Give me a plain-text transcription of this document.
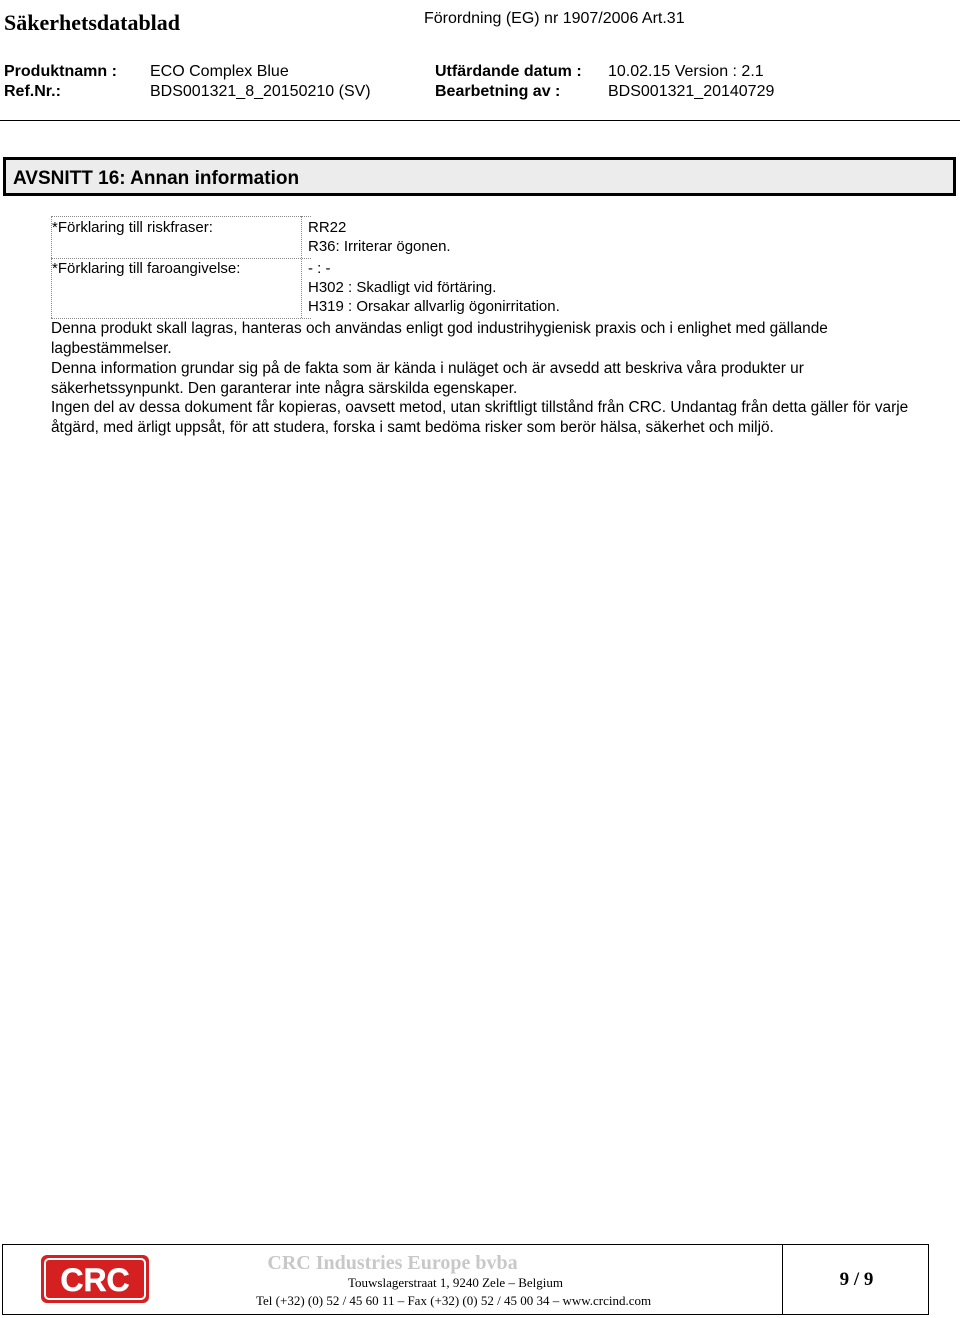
Säkerhetsdatablad	Förordning (EG) nr 1907/2006 Art.31
Produktnamn : ECO Complex Blue	Utfärdande datum : 10.02.15 Version : 2.1
Ref.Nr.:	BDS001321_8_20150210 (SV)	Bearbetning av :	BDS001321_20140729
AVSNITT 16: Annan information
*Förklaring till riskfraser:	RR22
R36: Irriterar ögonen.
*Förklaring till faroangivelse:	- : -
H302 : Skadligt vid förtäring.
H319 : Orsakar allvarlig ögonirritation.
Denna produkt skall lagras, hanteras och användas enligt god industrihygienisk praxis och i enlighet med gällande lagbestämmelser.
Denna information grundar sig på de fakta som är kända i nuläget och är avsedd att beskriva våra produkter ur säkerhetssynpunkt. Den garanterar inte några särskilda egenskaper.
Ingen del av dessa dokument får kopieras, oavsett metod, utan skriftligt tillstånd från CRC. Undantag från detta gäller för varje åtgärd, med ärligt uppsåt, för att studera, forska i samt bedöma risker som berör hälsa, säkerhet och miljö.
CRC	CRC Industries Europe bvba
Touwslagerstraat 1, 9240 Zele – Belgium
Tel (+32) (0) 52 / 45 60 11 – Fax (+32) (0) 52 / 45 00 34 – www.crcind.com
9 / 9
